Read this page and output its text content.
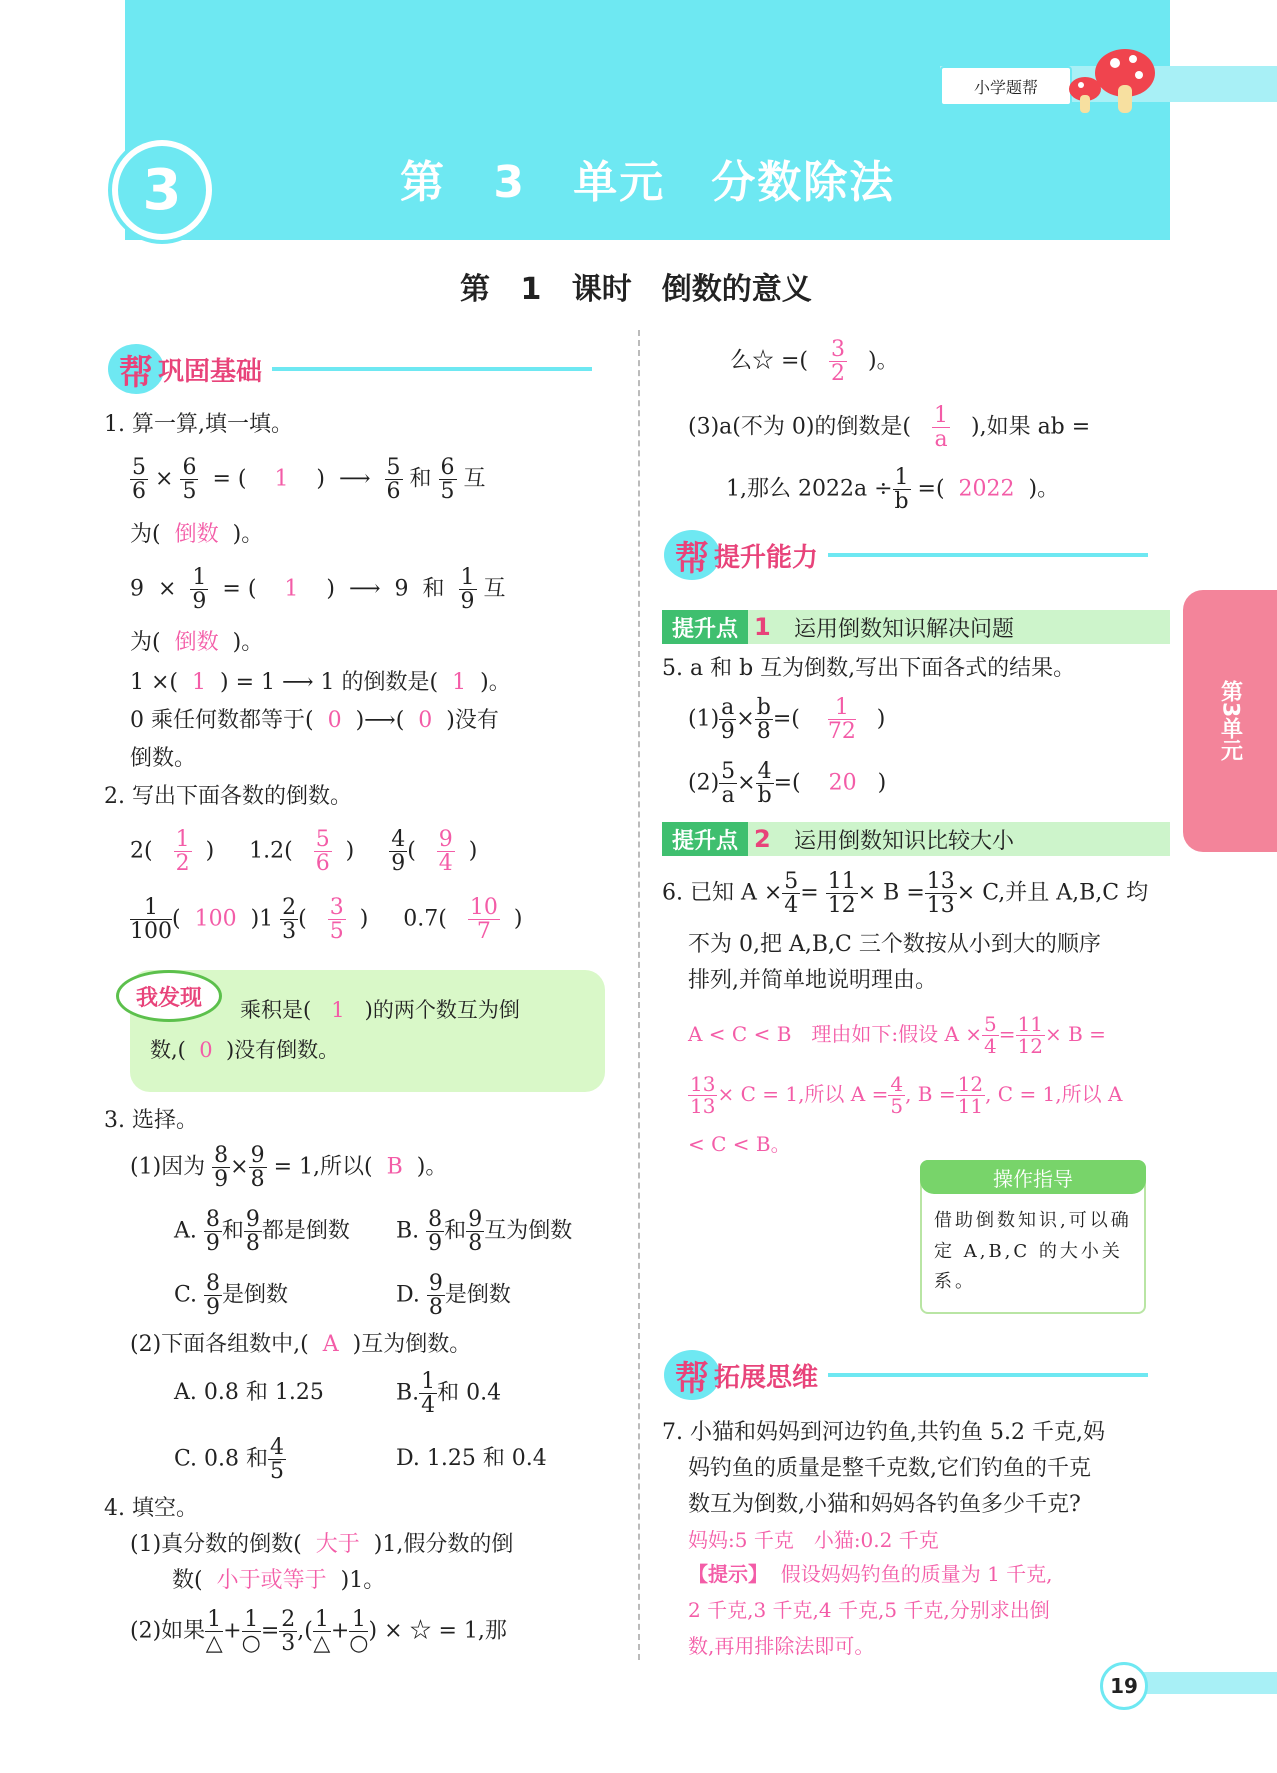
小学题帮
3	第 3 单元　分数除法
第 1 课时　倒数的意义
帮 巩固基础
1. 算一算,填一填。
$\frac{5}{6} \times \frac{6}{5}$ = (    1    )  ⟶ $\frac{5}{6}$ 和 $\frac{6}{5}$ 互
为( 倒数 )。
$9 \times \frac{1}{9}$ = (    1    )  ⟶  9  和 $\frac{1}{9}$ 互
为( 倒数 )。
1 ×( 1 ) = 1 ⟶ 1 的倒数是( 1 )。
0 乘任何数都等于( 0 )⟶( 0 )没有
倒数。
2. 写出下面各数的倒数。
$2( \frac{1}{2}$ )     $1.2( \frac{5}{6}$ ) $\frac{4}{9}$ ( $\frac{9}{4}$ )
$\frac{1}{100}$ (  100 )$1 \frac{2}{3}$ ( $\frac{3}{5}$ )     $0.7( \frac{10}{7}$ )
我发现	乘积是( 1 )的两个数互为倒
数,( 0 )没有倒数。
3. 选择。
(1)因为 $\frac{8}{9} \times \frac{9}{8} = 1$,所以( B )。
A. $\frac{8}{9}$ 和 $\frac{9}{8}$ 都是倒数 B. $\frac{8}{9}$ 和 $\frac{9}{8}$ 互为倒数
C. $\frac{8}{9}$ 是倒数	D. $\frac{9}{8}$ 是倒数
(2)下面各组数中,( A )互为倒数。
A. 0.8 和 1.25	B. $\frac{1}{4}$ 和 0.4
C. 0.8 和 $\frac{4}{5}$	D. 1.25 和 0.4
4. 填空。
(1)真分数的倒数( 大于 )1,假分数的倒
数( 小于或等于 )1。
(2)如果 $\frac{1}{\triangle} + \frac{1}{○} = \frac{2}{3}$ ,( $\frac{1}{\triangle} + \frac{1}{○}$ ) × ☆ = 1,那
么☆ =( $\frac{3}{2}$ )。
(3)a(不为 0)的倒数是( $\frac{1}{a}$ ),如果 ab =
1,那么 $2022a \div \frac{1}{b}$ =( 2022 )。
帮 提升能力
提升点 1	运用倒数知识解决问题
5. a 和 b 互为倒数,写出下面各式的结果。
$(1) \frac{a}{9} \times \frac{b}{8}$ =( $\frac{1}{72}$ )
$(2) \frac{5}{a} \times \frac{4}{b}$ =(    20   )
提升点 2	运用倒数知识比较大小
6. 已知 $A \times \frac{5}{4} = \frac{11}{12} \times B = \frac{13}{13} \times C$,并且 A,B,C 均
不为 0,把 A,B,C 三个数按从小到大的顺序
排列,并简单地说明理由。
A < C < B　理由如下:假设 $A \times \frac{5}{4} = \frac{11}{12} \times B$ =
$\frac{13}{13} \times C = 1$,所以 $A = \frac{4}{5}$ , $B = \frac{12}{11}$ , C = 1,所以 A
< C < B。
操作指导
借助倒数知识,可以确定 A,B,C 的大小关系。
帮 拓展思维
7. 小猫和妈妈到河边钓鱼,共钓鱼 5.2 千克,妈
妈钓鱼的质量是整千克数,它们钓鱼的千克
数互为倒数,小猫和妈妈各钓鱼多少千克?
妈妈:5 千克　小猫:0.2 千克
【提示】 假设妈妈钓鱼的质量为 1 千克,
2 千克,3 千克,4 千克,5 千克,分别求出倒
数,再用排除法即可。
第3单元
19
